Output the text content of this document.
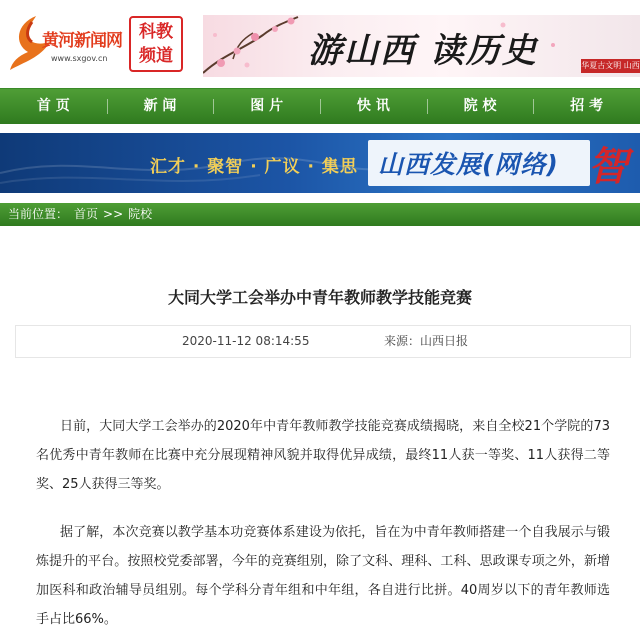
黄河新闻网
www.sxgov.cn
科教
频道	游山西 读历史	华夏古文明 山西
首 页	新 闻	图 片	快 讯	院 校	招 考
汇才 · 聚智 · 广议 · 集思 山西发展(网络) 智
当前位置： 首页 >> 院校
大同大学工会举办中青年教师教学技能竞赛
2020-11-12 08:14:55	来源：山西日报

日前，大同大学工会举办的2020年中青年教师教学技能竞赛成绩揭晓，来自全校21个学院的73名优秀中青年教师在比赛中充分展现精神风貌并取得优异成绩，最终11人获一等奖、11人获得二等奖、25人获得三等奖。

据了解，本次竞赛以教学基本功竞赛体系建设为依托，旨在为中青年教师搭建一个自我展示与锻炼提升的平台。按照校党委部署，今年的竞赛组别，除了文科、理科、工科、思政课专项之外，新增加医科和政治辅导员组别。每个学科分青年组和中年组，各自进行比拼。40周岁以下的青年教师选手占比66%。
